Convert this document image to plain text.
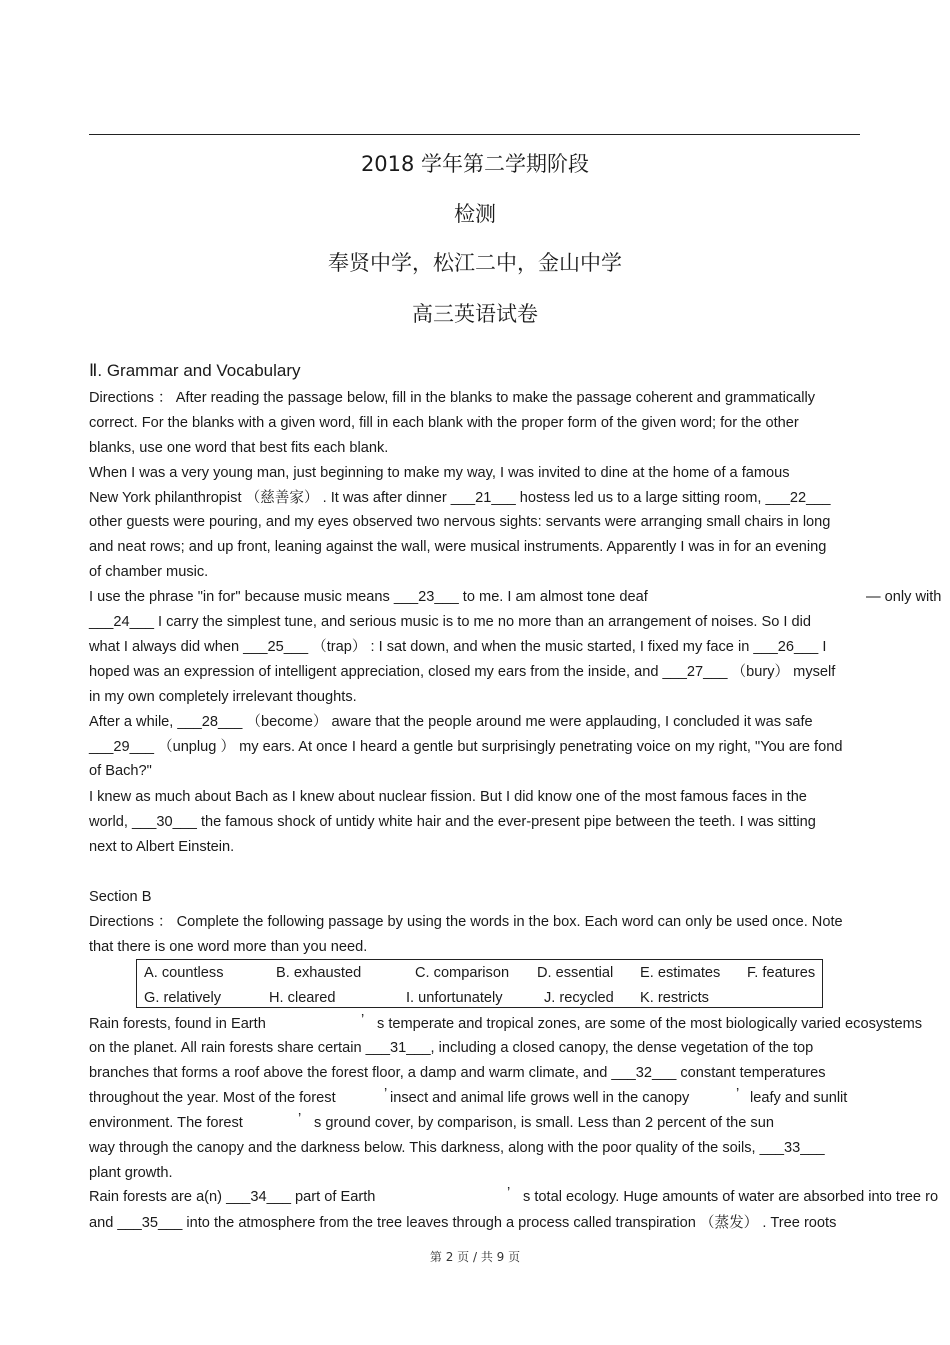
2018 学年第二学期阶段
检测
奉贤中学，松江二中，金山中学
高三英语试卷
Ⅱ. Grammar and Vocabulary
Directions ： After reading the passage below, fill in the blanks to make the passage coherent and grammatically
correct. For the blanks with a given word, fill in each blank with the proper form of the given word; for the other
blanks, use one word that best fits each blank.
When I was a very young man, just beginning to make my way, I was invited to dine at the home of a famous
New York philanthropist （慈善家） . It was after dinner ___21___ hostess led us to a large sitting room, ___22___
other guests were pouring, and my eyes observed two nervous sights: servants were arranging small chairs in long
and neat rows; and up front, leaning against the wall, were musical instruments. Apparently I was in for an evening
of chamber music.
I use the phrase "in for" because music means ___23___ to me. I am almost tone deaf	— only with
___24___ I carry the simplest tune, and serious music is to me no more than an arrangement of noises. So I did
what I always did when ___25___ （trap） : I sat down, and when the music started, I fixed my face in ___26___ I
hoped was an expression of intelligent appreciation, closed my ears from the inside, and ___27___ （bury） myself
in my own completely irrelevant thoughts.
After a while, ___28___ （become） aware that the people around me were applauding, I concluded it was safe
___29___ （unplug ） my ears. At once I heard a gentle but surprisingly penetrating voice on my right, "You are fond
of Bach?"
I knew as much about Bach as I knew about nuclear fission. But I did know one of the most famous faces in the
world, ___30___ the famous shock of untidy white hair and the ever-present pipe between the teeth. I was sitting
next to Albert Einstein.
Section B
Directions ： Complete the following passage by using the words in the box. Each word can only be used once. Note
that there is one word more than you need.
A. countless	B. exhausted	C. comparison D. essential E. estimates F. features
G. relatively	H. cleared	I. unfortunately	J. recycled K. restricts
Rain forests, found in Earth	’ s temperate and tropical zones, are some of the most biologically varied ecosystems
on the planet. All rain forests share certain ___31___, including a closed canopy, the dense vegetation of the top
branches that forms a roof above the forest floor, a damp and warm climate, and ___32___ constant temperatures
throughout the year. Most of the forest	’ insect and animal life grows well in the canopy	’ leafy and sunlit
environment. The forest	’ s ground cover, by comparison, is small. Less than 2 percent of the sun
way through the canopy and the darkness below. This darkness, along with the poor quality of the soils, ___33___
plant growth.
Rain forests are a(n) ___34___ part of Earth	’ s total ecology. Huge amounts of water are absorbed into tree ro
and ___35___ into the atmosphere from the tree leaves through a process called transpiration （蒸发） . Tree roots
第 2 页 / 共 9 页
